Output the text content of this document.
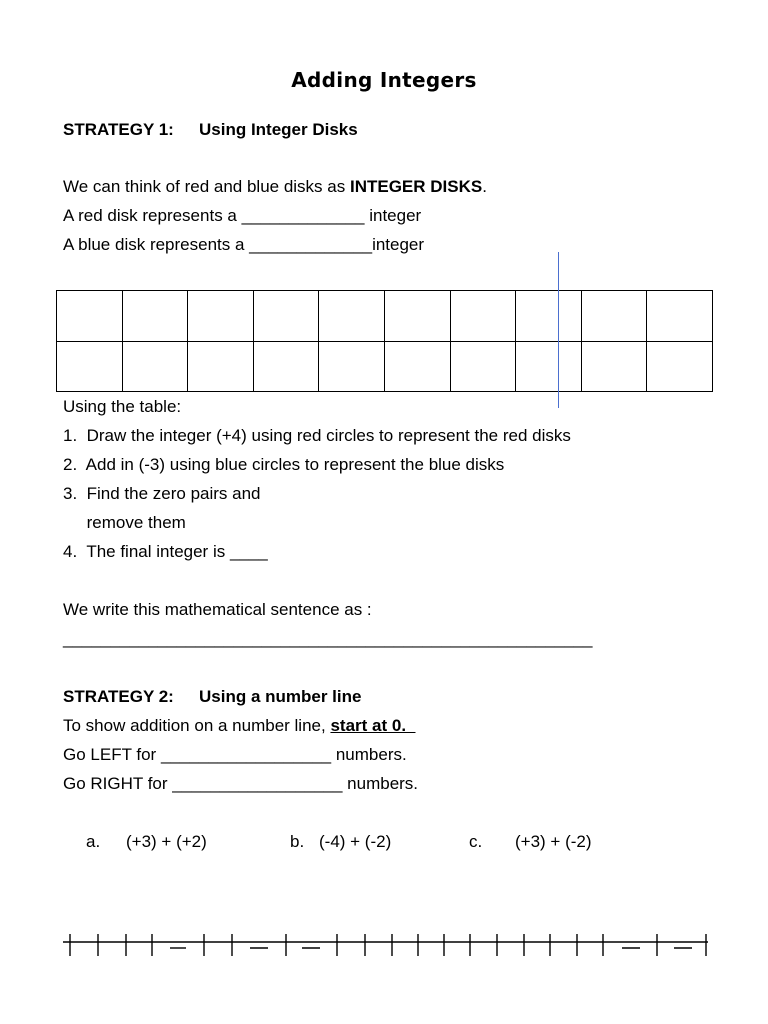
Adding Integers
STRATEGY 1: Using Integer Disks
We can think of red and blue disks as INTEGER DISKS.
A red disk represents a _____________ integer
A blue disk represents a _____________integer

Using the table:
1.  Draw the integer (+4) using red circles to represent the red disks
2.  Add in (-3) using blue circles to represent the blue disks
3.  Find the zero pairs and
remove them
4.  The final integer is ____
We write this mathematical sentence as :
________________________________________________________
STRATEGY 2: Using a number line
To show addition on a number line, start at 0.
Go LEFT for __________________ numbers.
Go RIGHT for __________________ numbers.
a. (+3) + (+2)	b. (-4) + (-2)	c. (+3) + (-2)
